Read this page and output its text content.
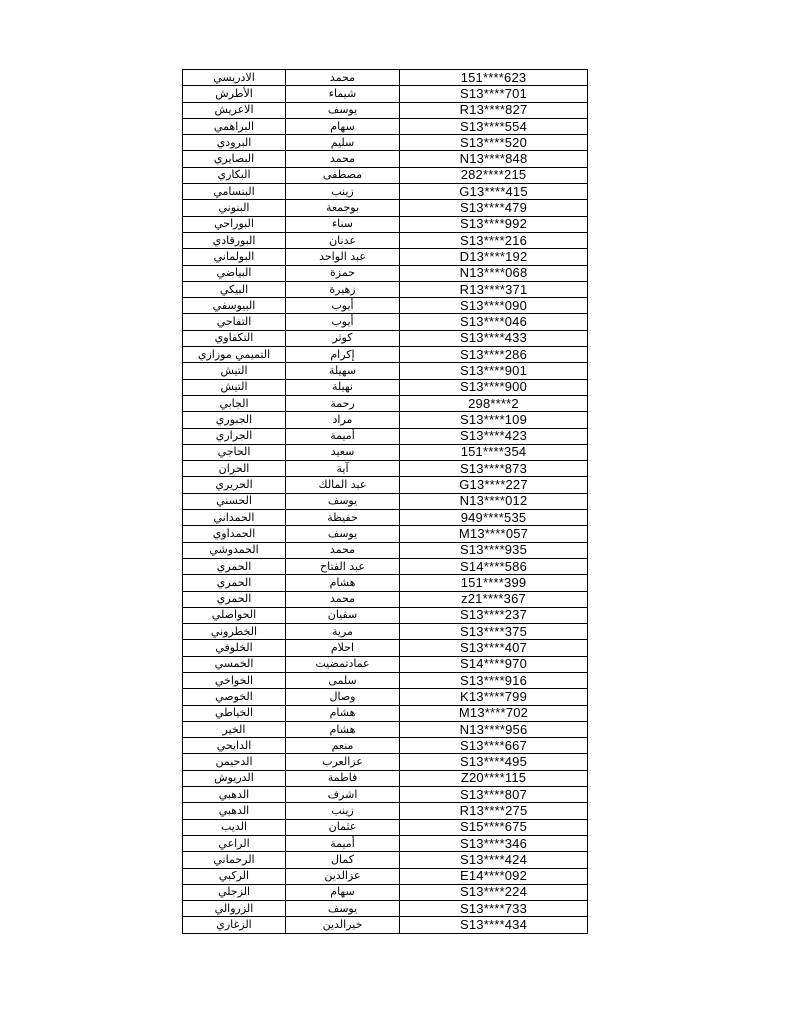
الادريسي	محمد	151****623
الأطرش	شيماء	S13****701
الاعريش	يوسف	R13****827
البراهمي	سهام	S13****554
البرودي	سليم	S13****520
البصايري	محمد	N13****848
البكاري	مصطفى	282****215
البنسامي	زينب	G13****415
البنوني	بوجمعة	S13****479
البوراحي	سناء	S13****992
البورقادي	عدنان	S13****216
البولماني	عبد الواحد	D13****192
البياضي	حمزة	N13****068
البيكي	زهيرة	R13****371
البيوسفي	أيوب	S13****090
التفاحي	أيوب	S13****046
التكفاوي	كوثر	S13****433
التميمي موزازي	إكرام	S13****286
التيش	سهيلة	S13****901
التيش	نهيلة	S13****900
الجابي	رحمة	298****2
الجبوري	مراد	S13****109
الجراري	أميمة	S13****423
الحاجي	سعيد	151****354
الحران	آية	S13****873
الحريري	عبد المالك	G13****227
الحسني	يوسف	N13****012
الحمداني	حفيظة	949****535
الحمداوي	يوسف	M13****057
الحمدوشي	محمد	S13****935
الحمري	عبد الفتاح	S14****586
الحمري	هشام	151****399
الحمري	محمد	z21****367
الحواصلي	سفيان	S13****237
الخطروني	مرية	S13****375
الخلوفي	احلام	S13****407
الخمسي	عمادتمضيت	S14****970
الخواخي	سلمى	S13****916
الخوصي	وصال	K13****799
الخياطي	هشام	M13****702
الخير	هشام	N13****956
الدايحي	منعم	S13****667
الدحيمن	عزالعرب	S13****495
الدريوش	فاطمة	Z20****115
الدهبي	اشرف	S13****807
الدهبي	زينب	R13****275
الديب	عثمان	S15****675
الراعي	أميمة	S13****346
الرحماني	كمال	S13****424
الركبي	عزالدين	E14****092
الزجلي	سهام	S13****224
الزروالي	يوسف	S13****733
الزغاري	خيرالدين	S13****434
